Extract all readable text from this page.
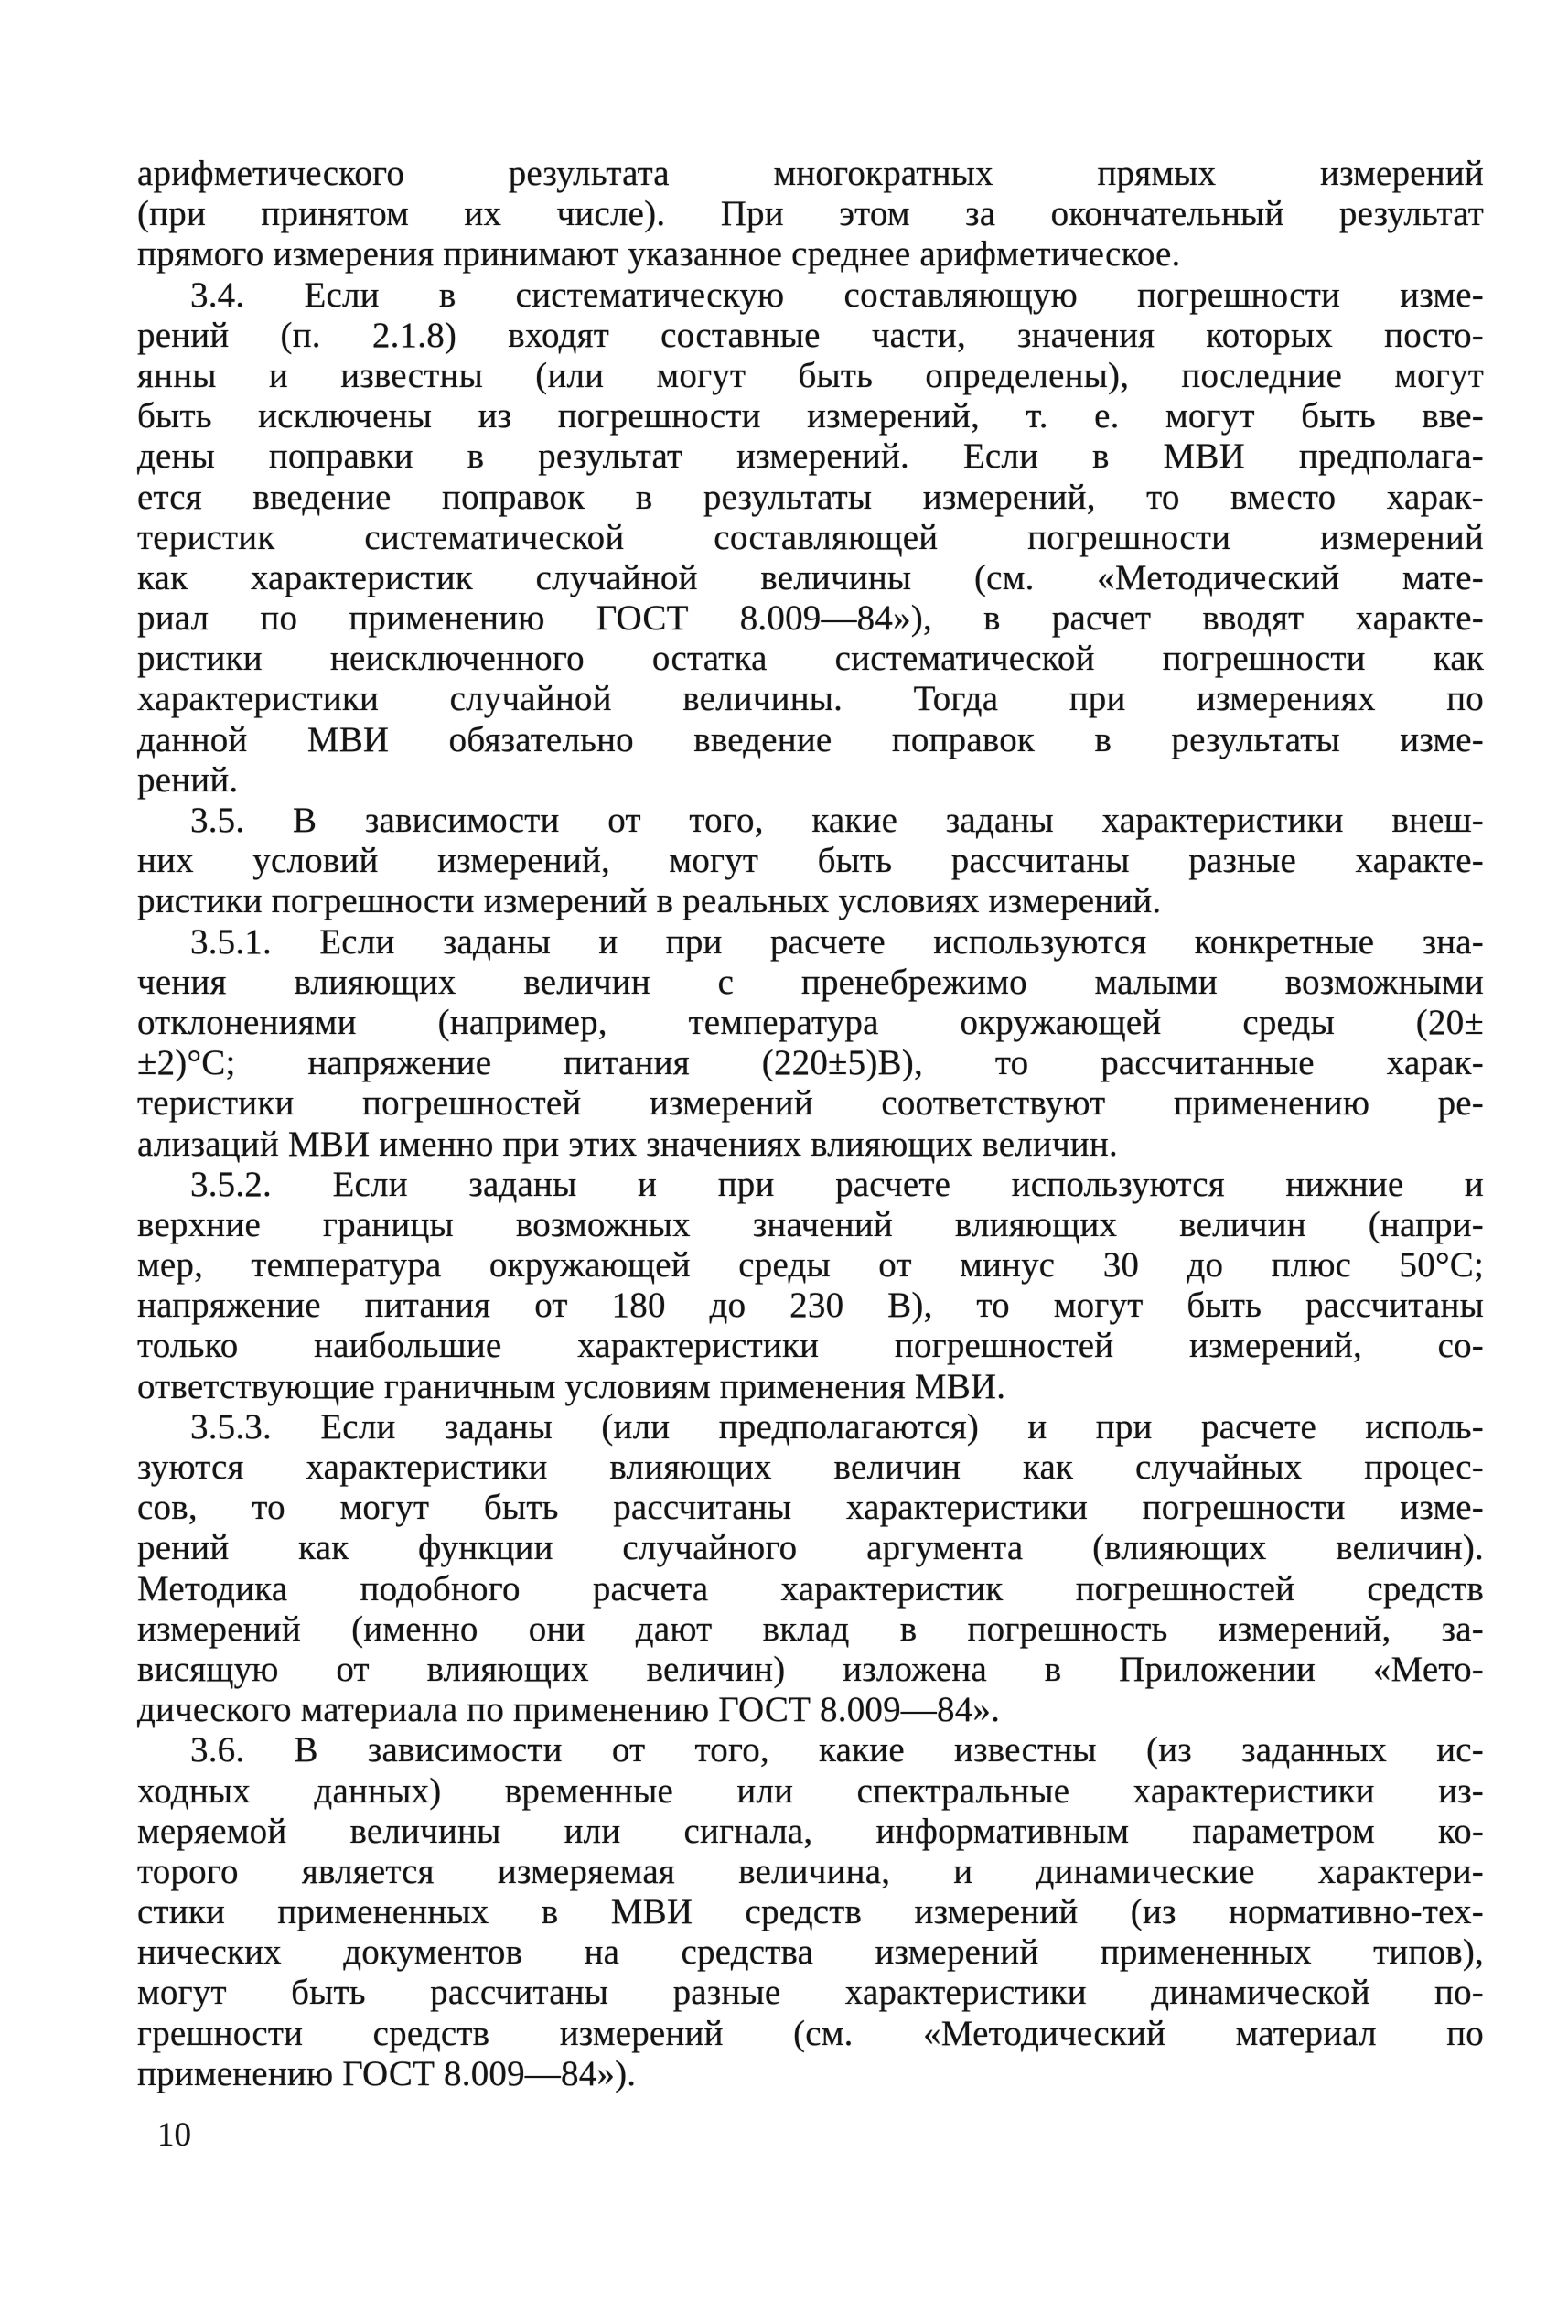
арифметического результата многократных прямых измерений
(при принятом их числе). При этом за окончательный результат
прямого измерения принимают указанное среднее арифметическое.
3.4. Если в систематическую составляющую погрешности изме-
рений (п. 2.1.8) входят составные части, значения которых посто-
янны и известны (или могут быть определены), последние могут
быть исключены из погрешности измерений, т. е. могут быть вве-
дены поправки в результат измерений. Если в МВИ предполага-
ется введение поправок в результаты измерений, то вместо харак-
теристик систематической составляющей погрешности измерений
как характеристик случайной величины (см. «Методический мате-
риал по применению ГОСТ 8.009—84»), в расчет вводят характе-
ристики неисключенного остатка систематической погрешности как
характеристики случайной величины. Тогда при измерениях по
данной МВИ обязательно введение поправок в результаты изме-
рений.
3.5. В зависимости от того, какие заданы характеристики внеш-
них условий измерений, могут быть рассчитаны разные характе-
ристики погрешности измерений в реальных условиях измерений.
3.5.1. Если заданы и при расчете используются конкретные зна-
чения влияющих величин с пренебрежимо малыми возможными
отклонениями (например, температура окружающей среды (20±
±2)°С; напряжение питания (220±5)В), то рассчитанные харак-
теристики погрешностей измерений соответствуют применению ре-
ализаций МВИ именно при этих значениях влияющих величин.
3.5.2. Если заданы и при расчете используются нижние и
верхние границы возможных значений влияющих величин (напри-
мер, температура окружающей среды от минус 30 до плюс 50°С;
напряжение питания от 180 до 230 В), то могут быть рассчитаны
только наибольшие характеристики погрешностей измерений, со-
ответствующие граничным условиям применения МВИ.
3.5.3. Если заданы (или предполагаются) и при расчете исполь-
зуются характеристики влияющих величин как случайных процес-
сов, то могут быть рассчитаны характеристики погрешности изме-
рений как функции случайного аргумента (влияющих величин).
Методика подобного расчета характеристик погрешностей средств
измерений (именно они дают вклад в погрешность измерений, за-
висящую от влияющих величин) изложена в Приложении «Мето-
дического материала по применению ГОСТ 8.009—84».
3.6. В зависимости от того, какие известны (из заданных ис-
ходных данных) временные или спектральные характеристики из-
меряемой величины или сигнала, информативным параметром ко-
торого является измеряемая величина, и динамические характери-
стики примененных в МВИ средств измерений (из нормативно-тех-
нических документов на средства измерений примененных типов),
могут быть рассчитаны разные характеристики динамической по-
грешности средств измерений (см. «Методический материал по
применению ГОСТ 8.009—84»).
10
